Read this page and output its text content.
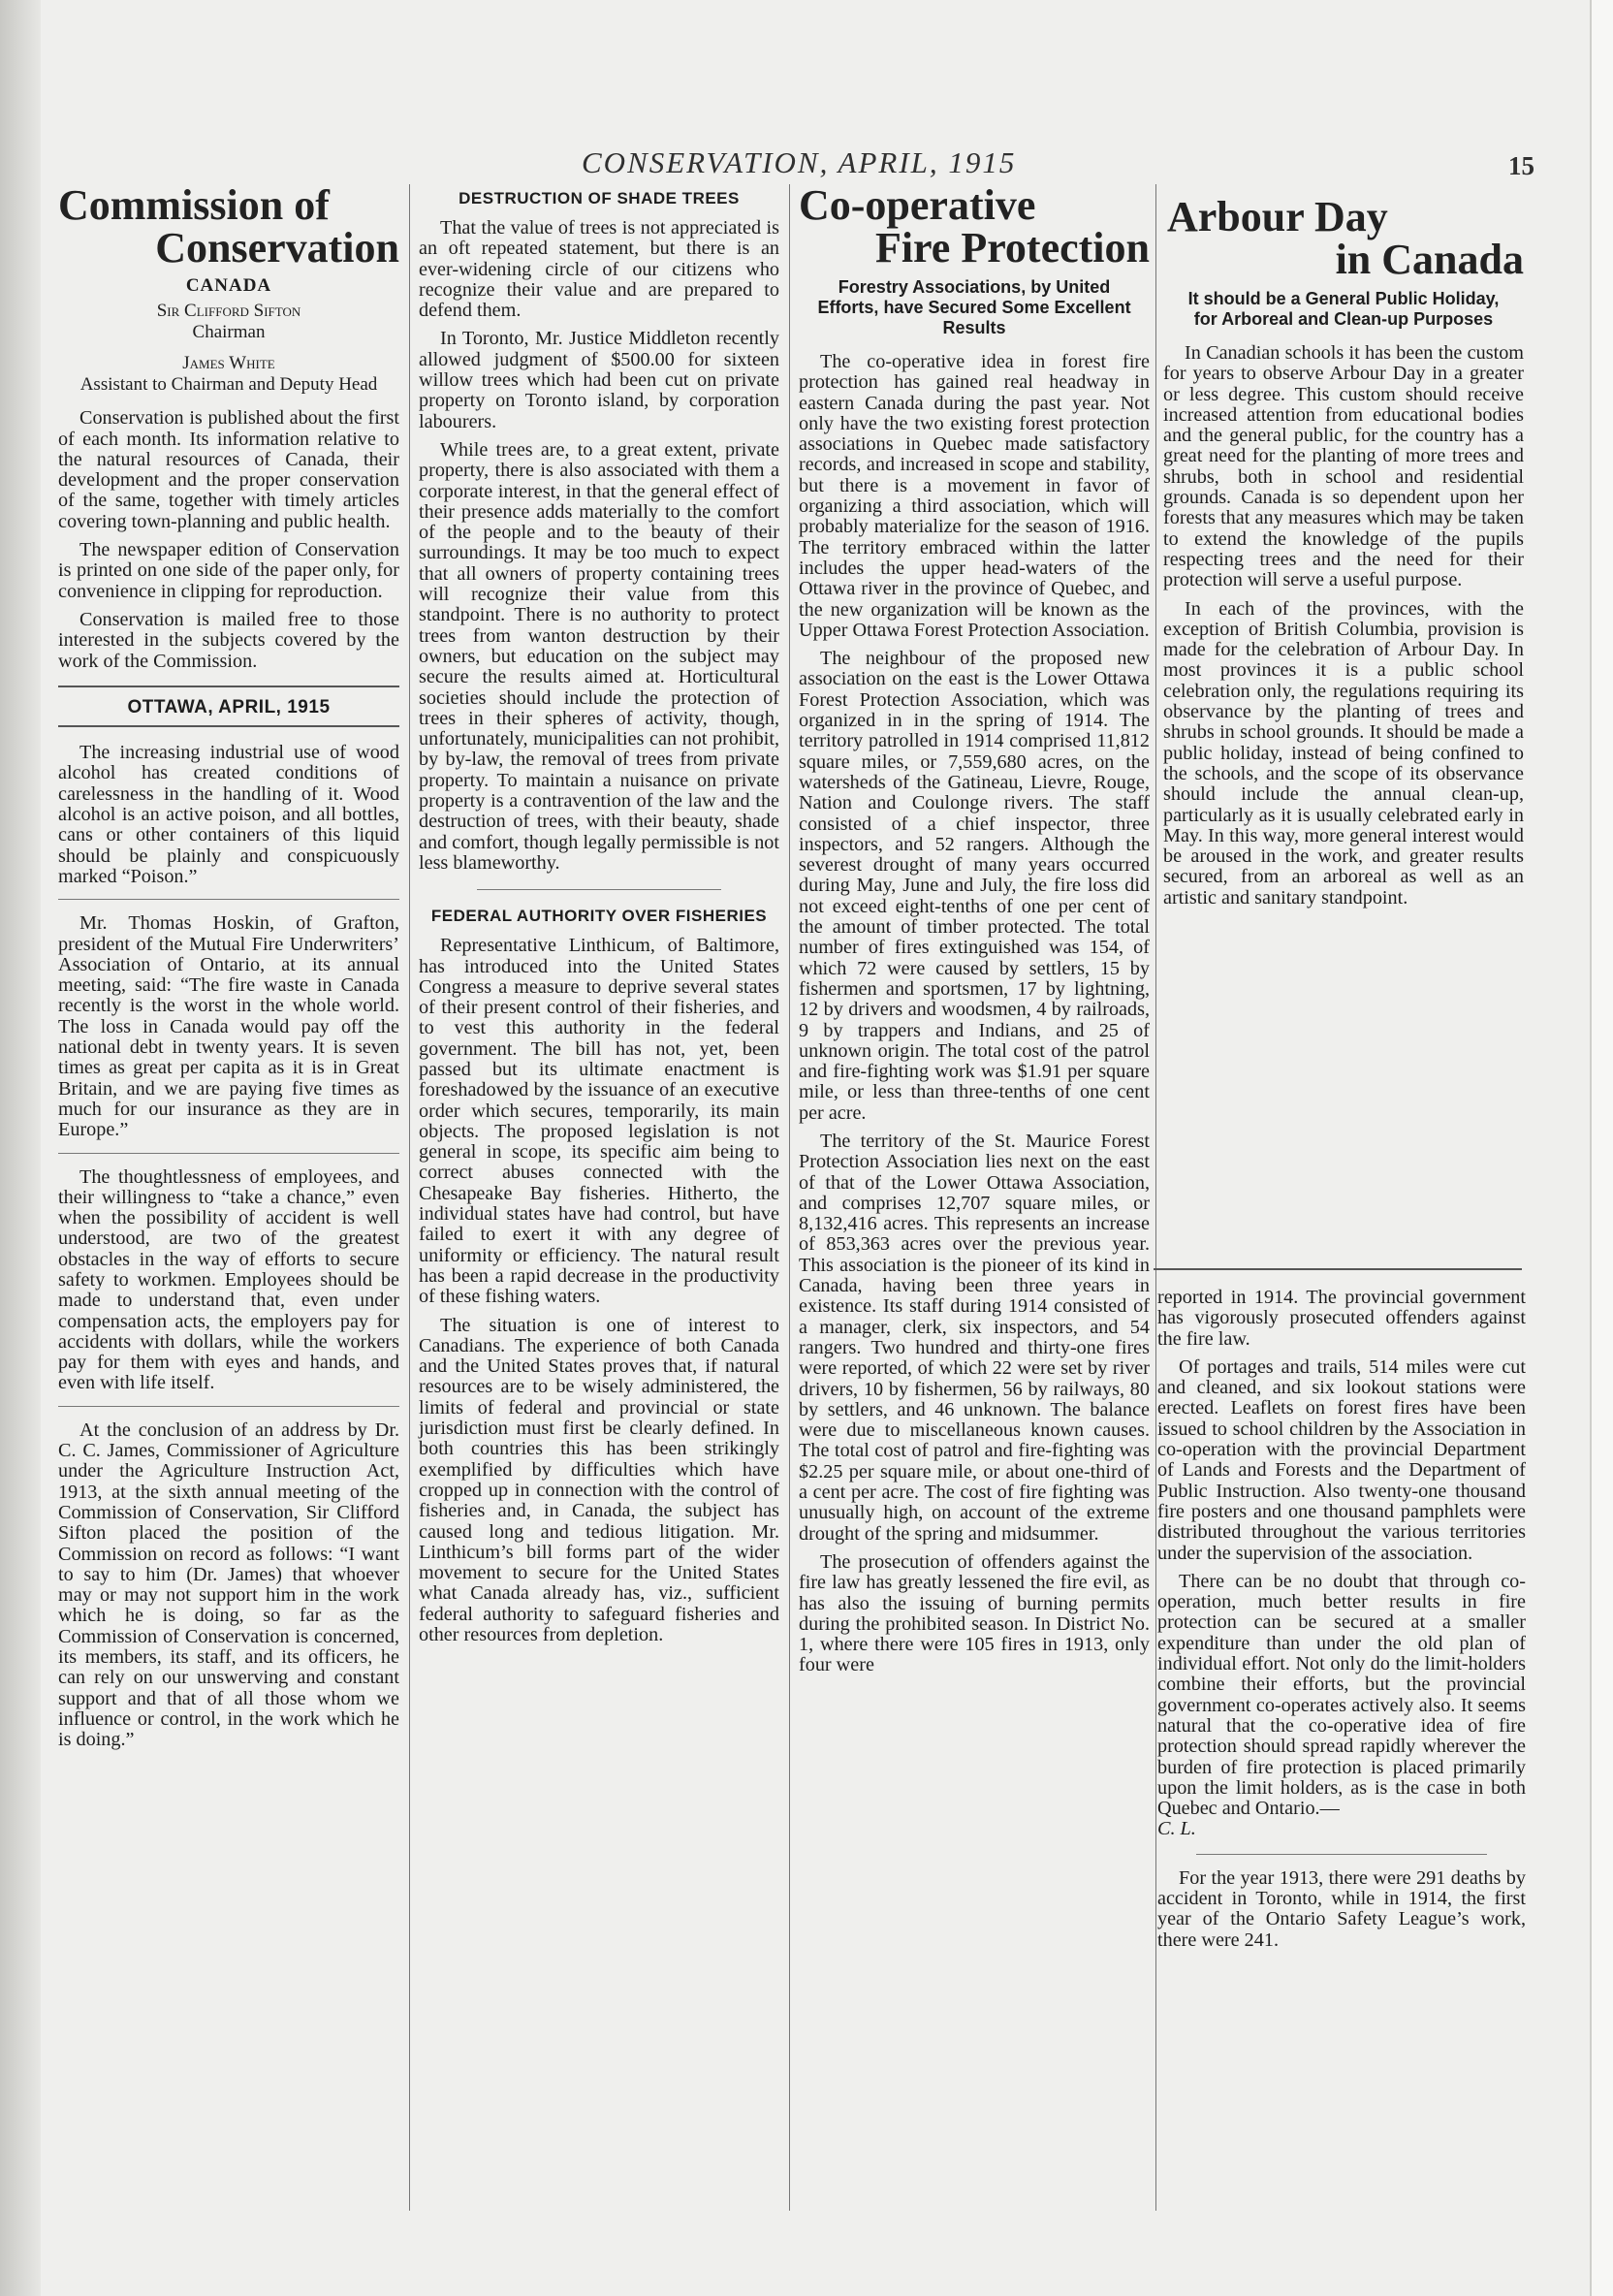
CONSERVATION, APRIL, 1915	15
Commission of
Conservation
CANADA
Sir Clifford Sifton
Chairman
James White
Assistant to Chairman and Deputy Head

Conservation is published about the first of each month. Its information relative to the natural resources of Canada, their development and the proper conservation of the same, together with timely articles covering town-planning and public health.

The newspaper edition of Conservation is printed on one side of the paper only, for convenience in clipping for reproduction.

Conservation is mailed free to those interested in the subjects covered by the work of the Commission.

OTTAWA, APRIL, 1915

The increasing industrial use of wood alcohol has created conditions of carelessness in the handling of it. Wood alcohol is an active poison, and all bottles, cans or other containers of this liquid should be plainly and conspicuously marked “Poison.”

Mr. Thomas Hoskin, of Grafton, president of the Mutual Fire Underwriters’ Association of Ontario, at its annual meeting, said: “The fire waste in Canada recently is the worst in the whole world. The loss in Canada would pay off the national debt in twenty years. It is seven times as great per capita as it is in Great Britain, and we are paying five times as much for our insurance as they are in Europe.”

The thoughtlessness of employees, and their willingness to “take a chance,” even when the possibility of accident is well understood, are two of the greatest obstacles in the way of efforts to secure safety to workmen. Employees should be made to understand that, even under compensation acts, the employers pay for accidents with dollars, while the workers pay for them with eyes and hands, and even with life itself.

At the conclusion of an address by Dr. C. C. James, Commissioner of Agriculture under the Agriculture Instruction Act, 1913, at the sixth annual meeting of the Commission of Conservation, Sir Clifford Sifton placed the position of the Commission on record as follows: “I want to say to him (Dr. James) that whoever may or may not support him in the work which he is doing, so far as the Commission of Conservation is concerned, its members, its staff, and its officers, he can rely on our unswerving and constant support and that of all those whom we influence or control, in the work which he is doing.”

DESTRUCTION OF SHADE TREES

That the value of trees is not appreciated is an oft repeated statement, but there is an ever-widening circle of our citizens who recognize their value and are prepared to defend them.

In Toronto, Mr. Justice Middleton recently allowed judgment of $500.00 for sixteen willow trees which had been cut on private property on Toronto island, by corporation labourers.

While trees are, to a great extent, private property, there is also associated with them a corporate interest, in that the general effect of their presence adds materially to the comfort of the people and to the beauty of their surroundings. It may be too much to expect that all owners of property containing trees will recognize their value from this standpoint. There is no authority to protect trees from wanton destruction by their owners, but education on the subject may secure the results aimed at. Horticultural societies should include the protection of trees in their spheres of activity, though, unfortunately, municipalities can not prohibit, by by-law, the removal of trees from private property. To maintain a nuisance on private property is a contravention of the law and the destruction of trees, with their beauty, shade and comfort, though legally permissible is not less blameworthy.

FEDERAL AUTHORITY OVER FISHERIES

Representative Linthicum, of Baltimore, has introduced into the United States Congress a measure to deprive several states of their present control of their fisheries, and to vest this authority in the federal government. The bill has not, yet, been passed but its ultimate enactment is foreshadowed by the issuance of an executive order which secures, temporarily, its main objects. The proposed legislation is not general in scope, its specific aim being to correct abuses connected with the Chesapeake Bay fisheries. Hitherto, the individual states have had control, but have failed to exert it with any degree of uniformity or efficiency. The natural result has been a rapid decrease in the productivity of these fishing waters.

The situation is one of interest to Canadians. The experience of both Canada and the United States proves that, if natural resources are to be wisely administered, the limits of federal and provincial or state jurisdiction must first be clearly defined. In both countries this has been strikingly exemplified by difficulties which have cropped up in connection with the control of fisheries and, in Canada, the subject has caused long and tedious litigation. Mr. Linthicum’s bill forms part of the wider movement to secure for the United States what Canada already has, viz., sufficient federal authority to safeguard fisheries and other resources from depletion.

Co-operative
Fire Protection
Forestry Associations, by United Efforts, have Secured Some Excellent Results

The co-operative idea in forest fire protection has gained real headway in eastern Canada during the past year. Not only have the two existing forest protection associations in Quebec made satisfactory records, and increased in scope and stability, but there is a movement in favor of organizing a third association, which will probably materialize for the season of 1916. The territory embraced within the latter includes the upper head-waters of the Ottawa river in the province of Quebec, and the new organization will be known as the Upper Ottawa Forest Protection Association.

The neighbour of the proposed new association on the east is the Lower Ottawa Forest Protection Association, which was organized in in the spring of 1914. The territory patrolled in 1914 comprised 11,812 square miles, or 7,559,680 acres, on the watersheds of the Gatineau, Lievre, Rouge, Nation and Coulonge rivers. The staff consisted of a chief inspector, three inspectors, and 52 rangers. Although the severest drought of many years occurred during May, June and July, the fire loss did not exceed eight-tenths of one per cent of the amount of timber protected. The total number of fires extinguished was 154, of which 72 were caused by settlers, 15 by fishermen and sportsmen, 17 by lightning, 12 by drivers and woodsmen, 4 by railroads, 9 by trappers and Indians, and 25 of unknown origin. The total cost of the patrol and fire-fighting work was $1.91 per square mile, or less than three-tenths of one cent per acre.

The territory of the St. Maurice Forest Protection Association lies next on the east of that of the Lower Ottawa Association, and comprises 12,707 square miles, or 8,132,416 acres. This represents an increase of 853,363 acres over the previous year. This association is the pioneer of its kind in Canada, having been three years in existence. Its staff during 1914 consisted of a manager, clerk, six inspectors, and 54 rangers. Two hundred and thirty-one fires were reported, of which 22 were set by river drivers, 10 by fishermen, 56 by railways, 80 by settlers, and 46 unknown. The balance were due to miscellaneous known causes. The total cost of patrol and fire-fighting was $2.25 per square mile, or about one-third of a cent per acre. The cost of fire fighting was unusually high, on account of the extreme drought of the spring and midsummer.

The prosecution of offenders against the fire law has greatly lessened the fire evil, as has also the issuing of burning permits during the prohibited season. In District No. 1, where there were 105 fires in 1913, only four were

Arbour Day
in Canada
It should be a General Public Holiday, for Arboreal and Clean-up Purposes

In Canadian schools it has been the custom for years to observe Arbour Day in a greater or less degree. This custom should receive increased attention from educational bodies and the general public, for the country has a great need for the planting of more trees and shrubs, both in school and residential grounds. Canada is so dependent upon her forests that any measures which may be taken to extend the knowledge of the pupils respecting trees and the need for their protection will serve a useful purpose.

In each of the provinces, with the exception of British Columbia, provision is made for the celebration of Arbour Day. In most provinces it is a public school celebration only, the regulations requiring its observance by the planting of trees and shrubs in school grounds. It should be made a public holiday, instead of being confined to the schools, and the scope of its observance should include the annual clean-up, particularly as it is usually celebrated early in May. In this way, more general interest would be aroused in the work, and greater results secured, from an arboreal as well as an artistic and sanitary standpoint.

reported in 1914. The provincial government has vigorously prosecuted offenders against the fire law.

Of portages and trails, 514 miles were cut and cleaned, and six lookout stations were erected. Leaflets on forest fires have been issued to school children by the Association in co-operation with the provincial Department of Lands and Forests and the Department of Public Instruction. Also twenty-one thousand fire posters and one thousand pamphlets were distributed throughout the various territories under the supervision of the association.

There can be no doubt that through co-operation, much better results in fire protection can be secured at a smaller expenditure than under the old plan of individual effort. Not only do the limit-holders combine their efforts, but the provincial government co-operates actively also. It seems natural that the co-operative idea of fire protection should spread rapidly wherever the burden of fire protection is placed primarily upon the limit holders, as is the case in both Quebec and Ontario.—

C. L.

For the year 1913, there were 291 deaths by accident in Toronto, while in 1914, the first year of the Ontario Safety League’s work, there were 241.
